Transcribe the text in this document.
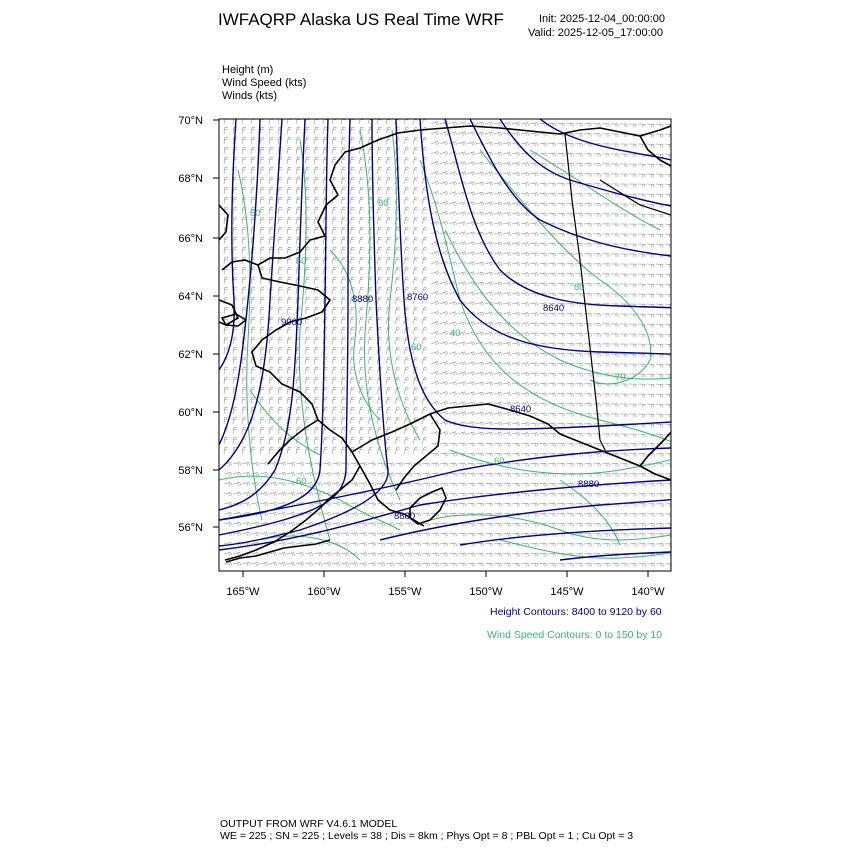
IWFAQRP Alaska US Real Time WRF	Init: 2025-12-04_00:00:00
Valid: 2025-12-05_17:00:00
Height (m)
Wind Speed (kts)
Winds (kts)
8880	8760
8640
9000
8640
8880
8880
60
80
60
40
60
80
60
60
70
70°N
68°N
66°N
64°N
62°N
60°N
58°N
56°N
165°W	160°W	155°W	150°W	145°W	140°W
Height Contours: 8400 to 9120 by 60
Wind Speed Contours: 0 to 150 by 10
OUTPUT FROM WRF V4.6.1 MODEL
WE = 225 ; SN = 225 ; Levels = 38 ; Dis = 8km ; Phys Opt = 8 ; PBL Opt = 1 ; Cu Opt = 3
